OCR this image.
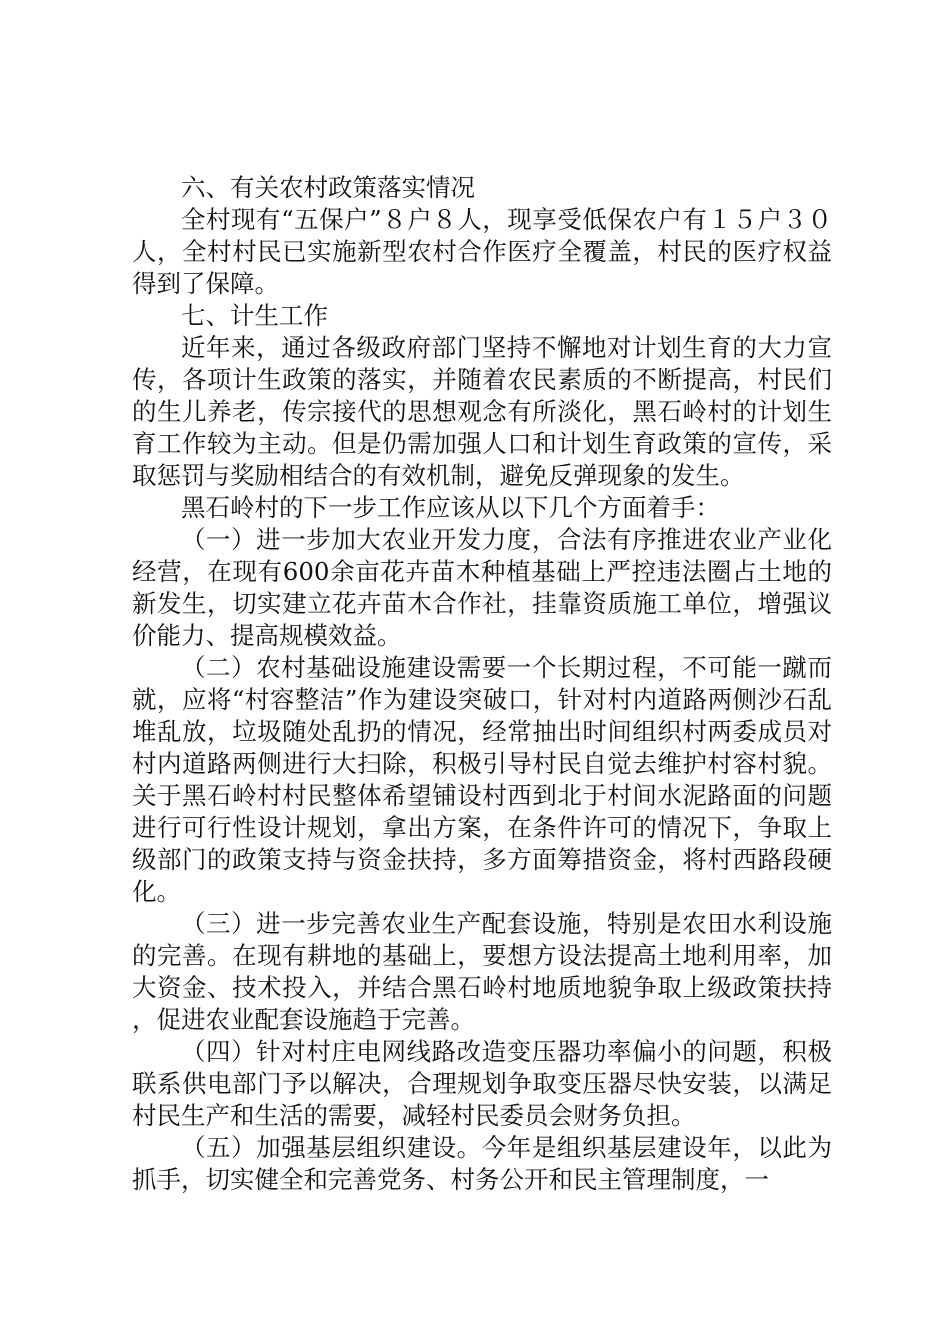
六、有关农村政策落实情况

全村现有“五保户”８户８人，现享受低保农户有１５户３０人，全村村民已实施新型农村合作医疗全覆盖，村民的医疗权益得到了保障。

七、计生工作

近年来，通过各级政府部门坚持不懈地对计划生育的大力宣传，各项计生政策的落实，并随着农民素质的不断提高，村民们的生儿养老，传宗接代的思想观念有所淡化，黑石岭村的计划生育工作较为主动。但是仍需加强人口和计划生育政策的宣传，采取惩罚与奖励相结合的有效机制，避免反弹现象的发生。

黑石岭村的下一步工作应该从以下几个方面着手：

（一）进一步加大农业开发力度，合法有序推进农业产业化经营，在现有600余亩花卉苗木种植基础上严控违法圈占土地的新发生，切实建立花卉苗木合作社，挂靠资质施工单位，增强议价能力、提高规模效益。

（二）农村基础设施建设需要一个长期过程，不可能一蹴而就，应将“村容整洁”作为建设突破口，针对村内道路两侧沙石乱堆乱放，垃圾随处乱扔的情况，经常抽出时间组织村两委成员对村内道路两侧进行大扫除，积极引导村民自觉去维护村容村貌。关于黑石岭村村民整体希望铺设村西到北于村间水泥路面的问题进行可行性设计规划，拿出方案，在条件许可的情况下，争取上级部门的政策支持与资金扶持，多方面筹措资金，将村西路段硬化。

（三）进一步完善农业生产配套设施，特别是农田水利设施的完善。在现有耕地的基础上，要想方设法提高土地利用率，加大资金、技术投入，并结合黑石岭村地质地貌争取上级政策扶持，促进农业配套设施趋于完善。

（四）针对村庄电网线路改造变压器功率偏小的问题，积极联系供电部门予以解决，合理规划争取变压器尽快安装，以满足村民生产和生活的需要，减轻村民委员会财务负担。

（五）加强基层组织建设。今年是组织基层建设年，以此为抓手，切实健全和完善党务、村务公开和民主管理制度，一
